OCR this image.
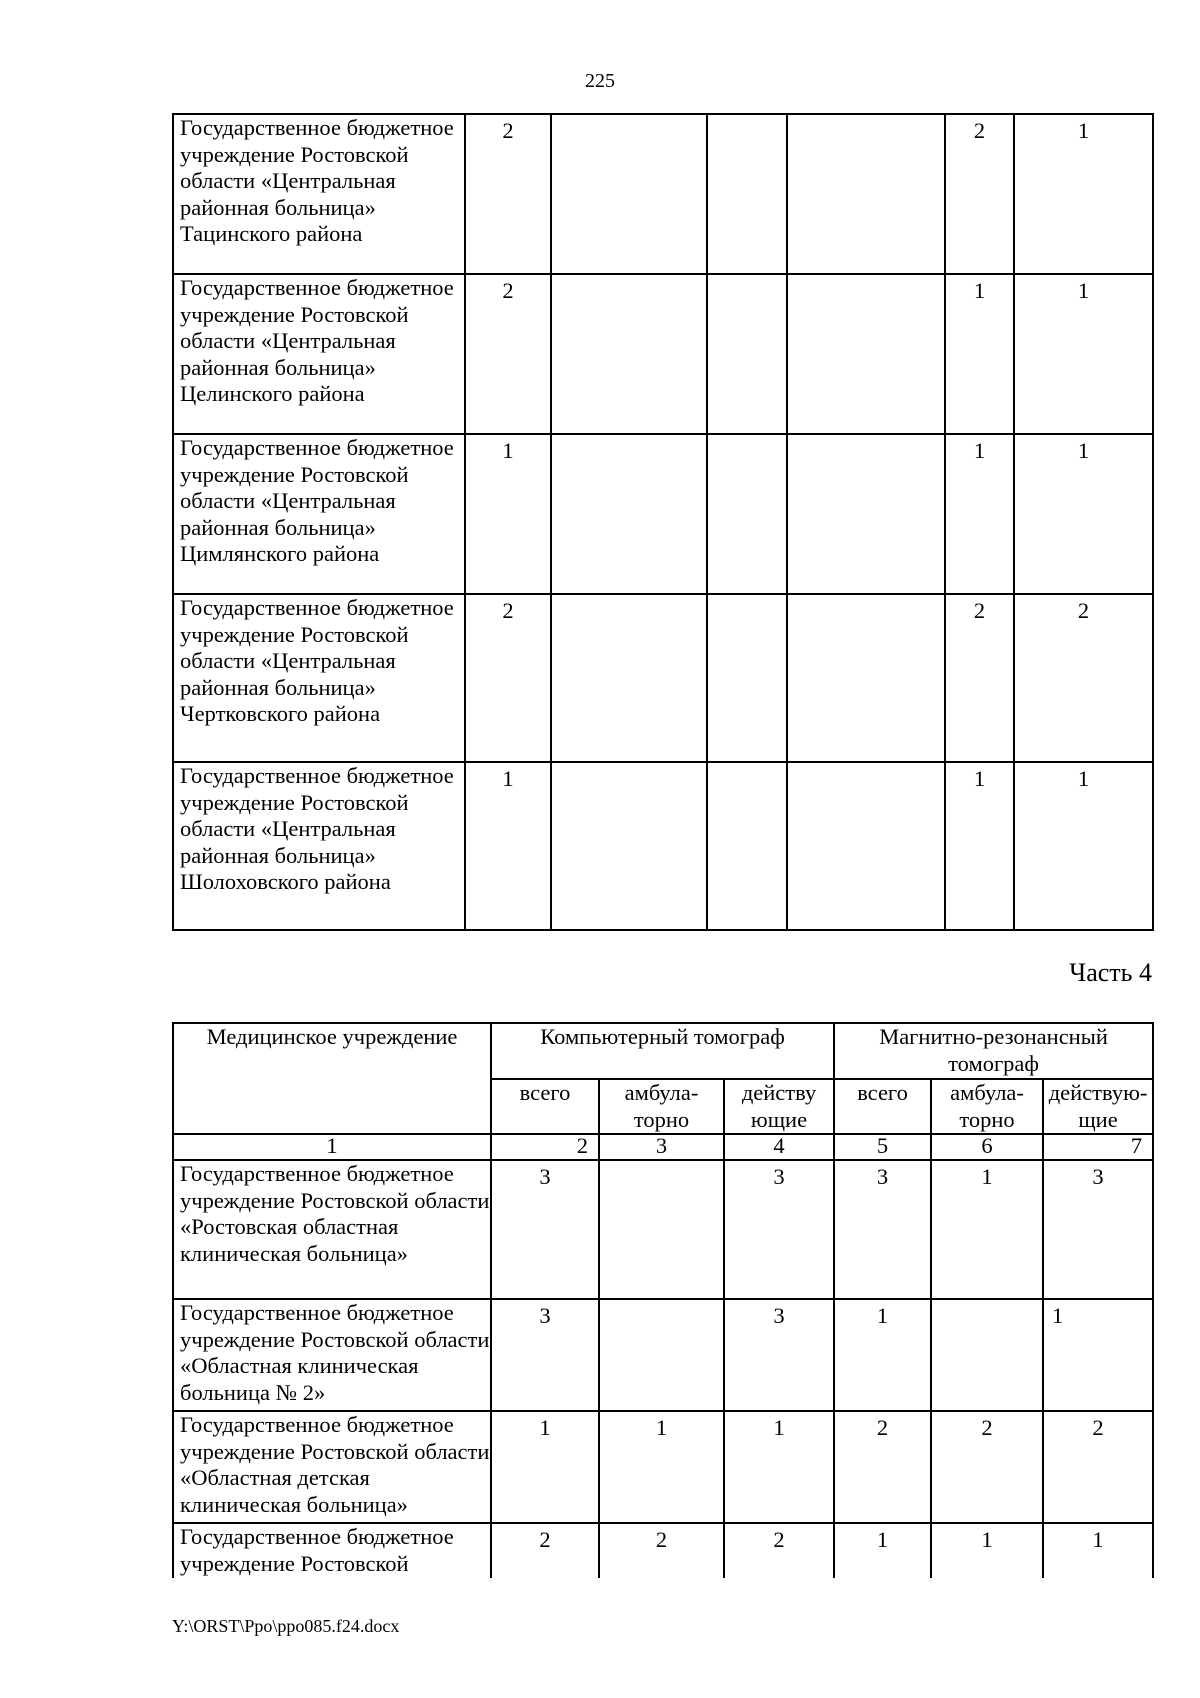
225
Государственное бюджетное учреждение Ростовской области «Центральная районная больница» Тацинского района	2				2	1
Государственное бюджетное учреждение Ростовской области «Центральная районная больница» Целинского района	2				1	1
Государственное бюджетное учреждение Ростовской области «Центральная районная больница» Цимлянского района	1				1	1
Государственное бюджетное учреждение Ростовской области «Центральная районная больница» Чертковского района	2				2	2
Государственное бюджетное учреждение Ростовской области «Центральная районная больница» Шолоховского района	1				1	1
Часть 4
Медицинское учреждение	Компьютерный томограф			Магнитно-резонансный томограф		
	всего	амбула-торно	действу ющие	всего	амбула-торно	действую-щие
1	2	3	4	5	6	7
Государственное бюджетное учреждение Ростовской области «Ростовская областная клиническая больница»	3		3	3	1	3
Государственное бюджетное учреждение Ростовской области «Областная клиническая больница № 2»	3		3	1		1
Государственное бюджетное учреждение Ростовской области «Областная детская клиническая больница»	1	1	1	2	2	2
Государственное бюджетное учреждение Ростовской	2	2	2	1	1	1
Y:\ORST\Ppo\ppo085.f24.docx
